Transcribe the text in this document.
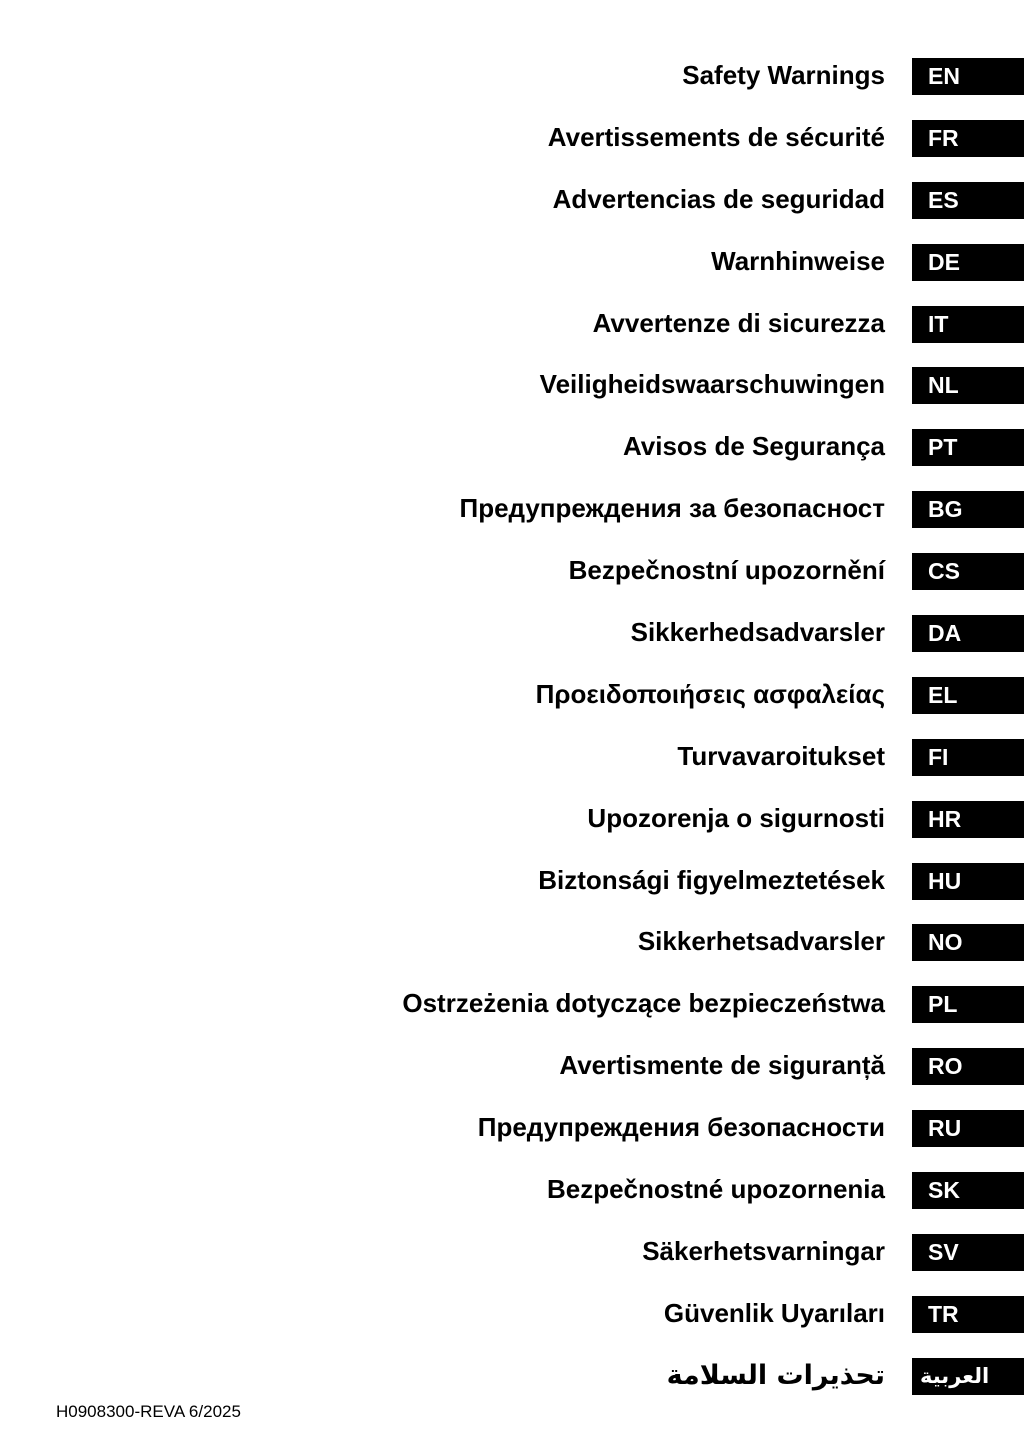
Safety Warnings	EN
Avertissements de sécurité	FR
Advertencias de seguridad	ES
Warnhinweise	DE
Avvertenze di sicurezza	IT
Veiligheidswaarschuwingen	NL
Avisos de Segurança	PT
Предупреждения за безопасност	BG
Bezpečnostní upozornění	CS
Sikkerhedsadvarsler	DA
Προειδοποιήσεις ασφαλείας	EL
Turvavaroitukset	FI
Upozorenja o sigurnosti	HR
Biztonsági figyelmeztetések	HU
Sikkerhetsadvarsler	NO
Ostrzeżenia dotyczące bezpieczeństwa	PL
Avertismente de siguranță	RO
Предупреждения безопасности	RU
Bezpečnostné upozornenia	SK
Säkerhetsvarningar	SV
Güvenlik Uyarıları	TR
تحذيرات السلامة	العربية
H0908300-REVA 6/2025
